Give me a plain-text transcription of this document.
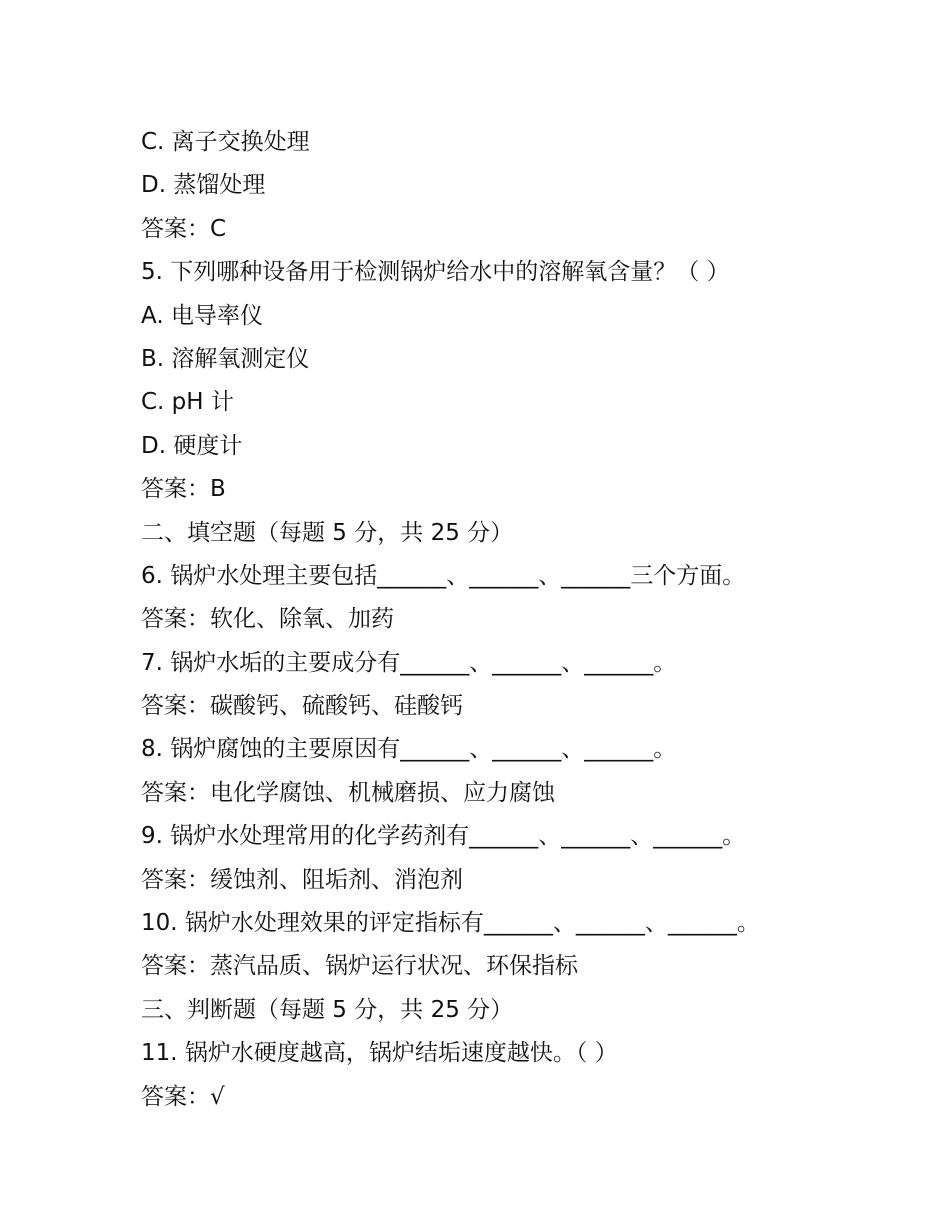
C. 离子交换处理
D. 蒸馏处理
答案：C
5. 下列哪种设备用于检测锅炉给水中的溶解氧含量？（ ）
A. 电导率仪
B. 溶解氧测定仪
C. pH 计
D. 硬度计
答案：B
二、填空题（每题 5 分，共 25 分）
6. 锅炉水处理主要包括______、______、______三个方面。
答案：软化、除氧、加药
7. 锅炉水垢的主要成分有______、______、______。
答案：碳酸钙、硫酸钙、硅酸钙
8. 锅炉腐蚀的主要原因有______、______、______。
答案：电化学腐蚀、机械磨损、应力腐蚀
9. 锅炉水处理常用的化学药剂有______、______、______。
答案：缓蚀剂、阻垢剂、消泡剂
10. 锅炉水处理效果的评定指标有______、______、______。
答案：蒸汽品质、锅炉运行状况、环保指标
三、判断题（每题 5 分，共 25 分）
11. 锅炉水硬度越高，锅炉结垢速度越快。（ ）
答案：√
